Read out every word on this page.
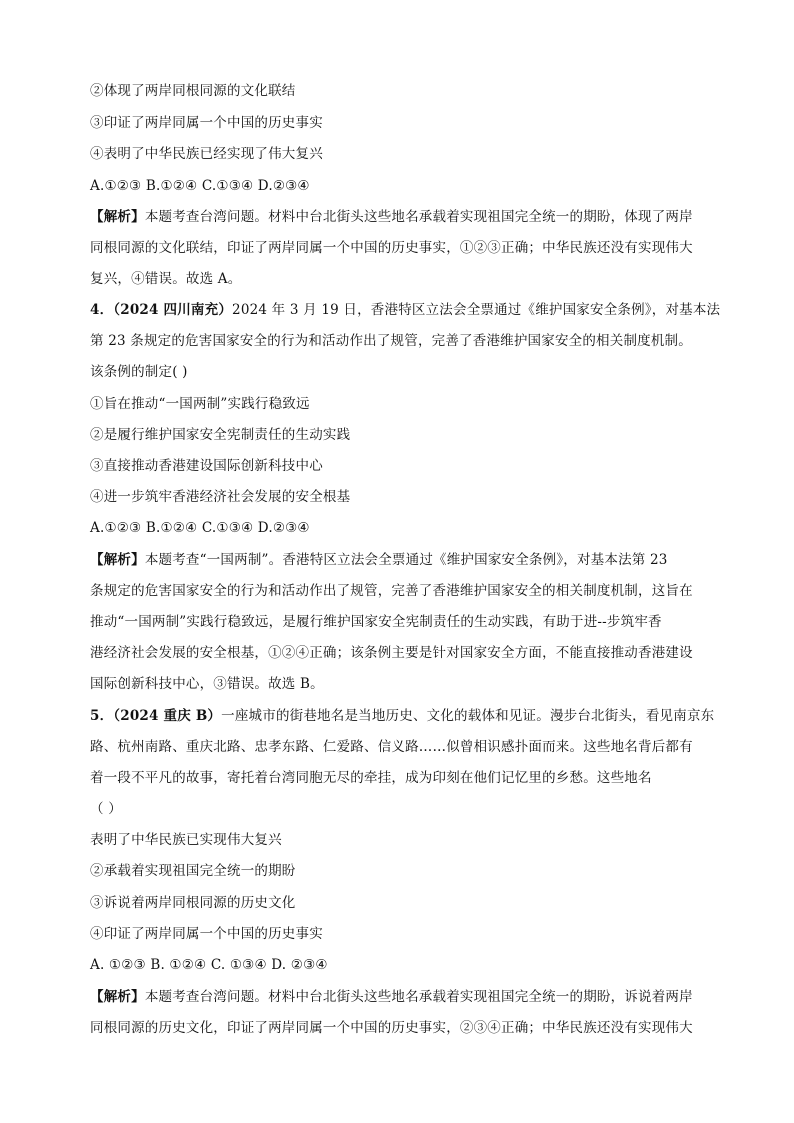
②体现了两岸同根同源的文化联结
③印证了两岸同属一个中国的历史事实
④表明了中华民族已经实现了伟大复兴
A.①②③ B.①②④ C.①③④ D.②③④
【解析】本题考查台湾问题。材料中台北街头这些地名承载着实现祖国完全统一的期盼，体现了两岸
同根同源的文化联结，印证了两岸同属一个中国的历史事实，①②③正确；中华民族还没有实现伟大
复兴，④错误。故选 A。
4．（2024 四川南充）2024 年 3 月 19 日，香港特区立法会全票通过《维护国家安全条例》，对基本法
第 23 条规定的危害国家安全的行为和活动作出了规管，完善了香港维护国家安全的相关制度机制。
该条例的制定( )
①旨在推动“一国两制”实践行稳致远
②是履行维护国家安全宪制责任的生动实践
③直接推动香港建设国际创新科技中心
④进一步筑牢香港经济社会发展的安全根基
A.①②③ B.①②④ C.①③④ D.②③④
【解析】本题考查“一国两制”。香港特区立法会全票通过《维护国家安全条例》，对基本法第 23
条规定的危害国家安全的行为和活动作出了规管，完善了香港维护国家安全的相关制度机制，这旨在
推动“一国两制”实践行稳致远，是履行维护国家安全宪制责任的生动实践，有助于进--步筑牢香
港经济社会发展的安全根基，①②④正确；该条例主要是针对国家安全方面，不能直接推动香港建设
国际创新科技中心，③错误。故选 B。
5．（2024 重庆 B）一座城市的街巷地名是当地历史、文化的载体和见证。漫步台北街头，看见南京东
路、杭州南路、重庆北路、忠孝东路、仁爱路、信义路……似曾相识感扑面而来。这些地名背后都有
着一段不平凡的故事，寄托着台湾同胞无尽的牵挂，成为印刻在他们记忆里的乡愁。这些地名
（ ）
表明了中华民族已实现伟大复兴
②承载着实现祖国完全统一的期盼
③诉说着两岸同根同源的历史文化
④印证了两岸同属一个中国的历史事实
A. ①②③ B. ①②④ C. ①③④ D. ②③④
【解析】本题考查台湾问题。材料中台北街头这些地名承载着实现祖国完全统一的期盼，诉说着两岸
同根同源的历史文化，印证了两岸同属一个中国的历史事实，②③④正确；中华民族还没有实现伟大
